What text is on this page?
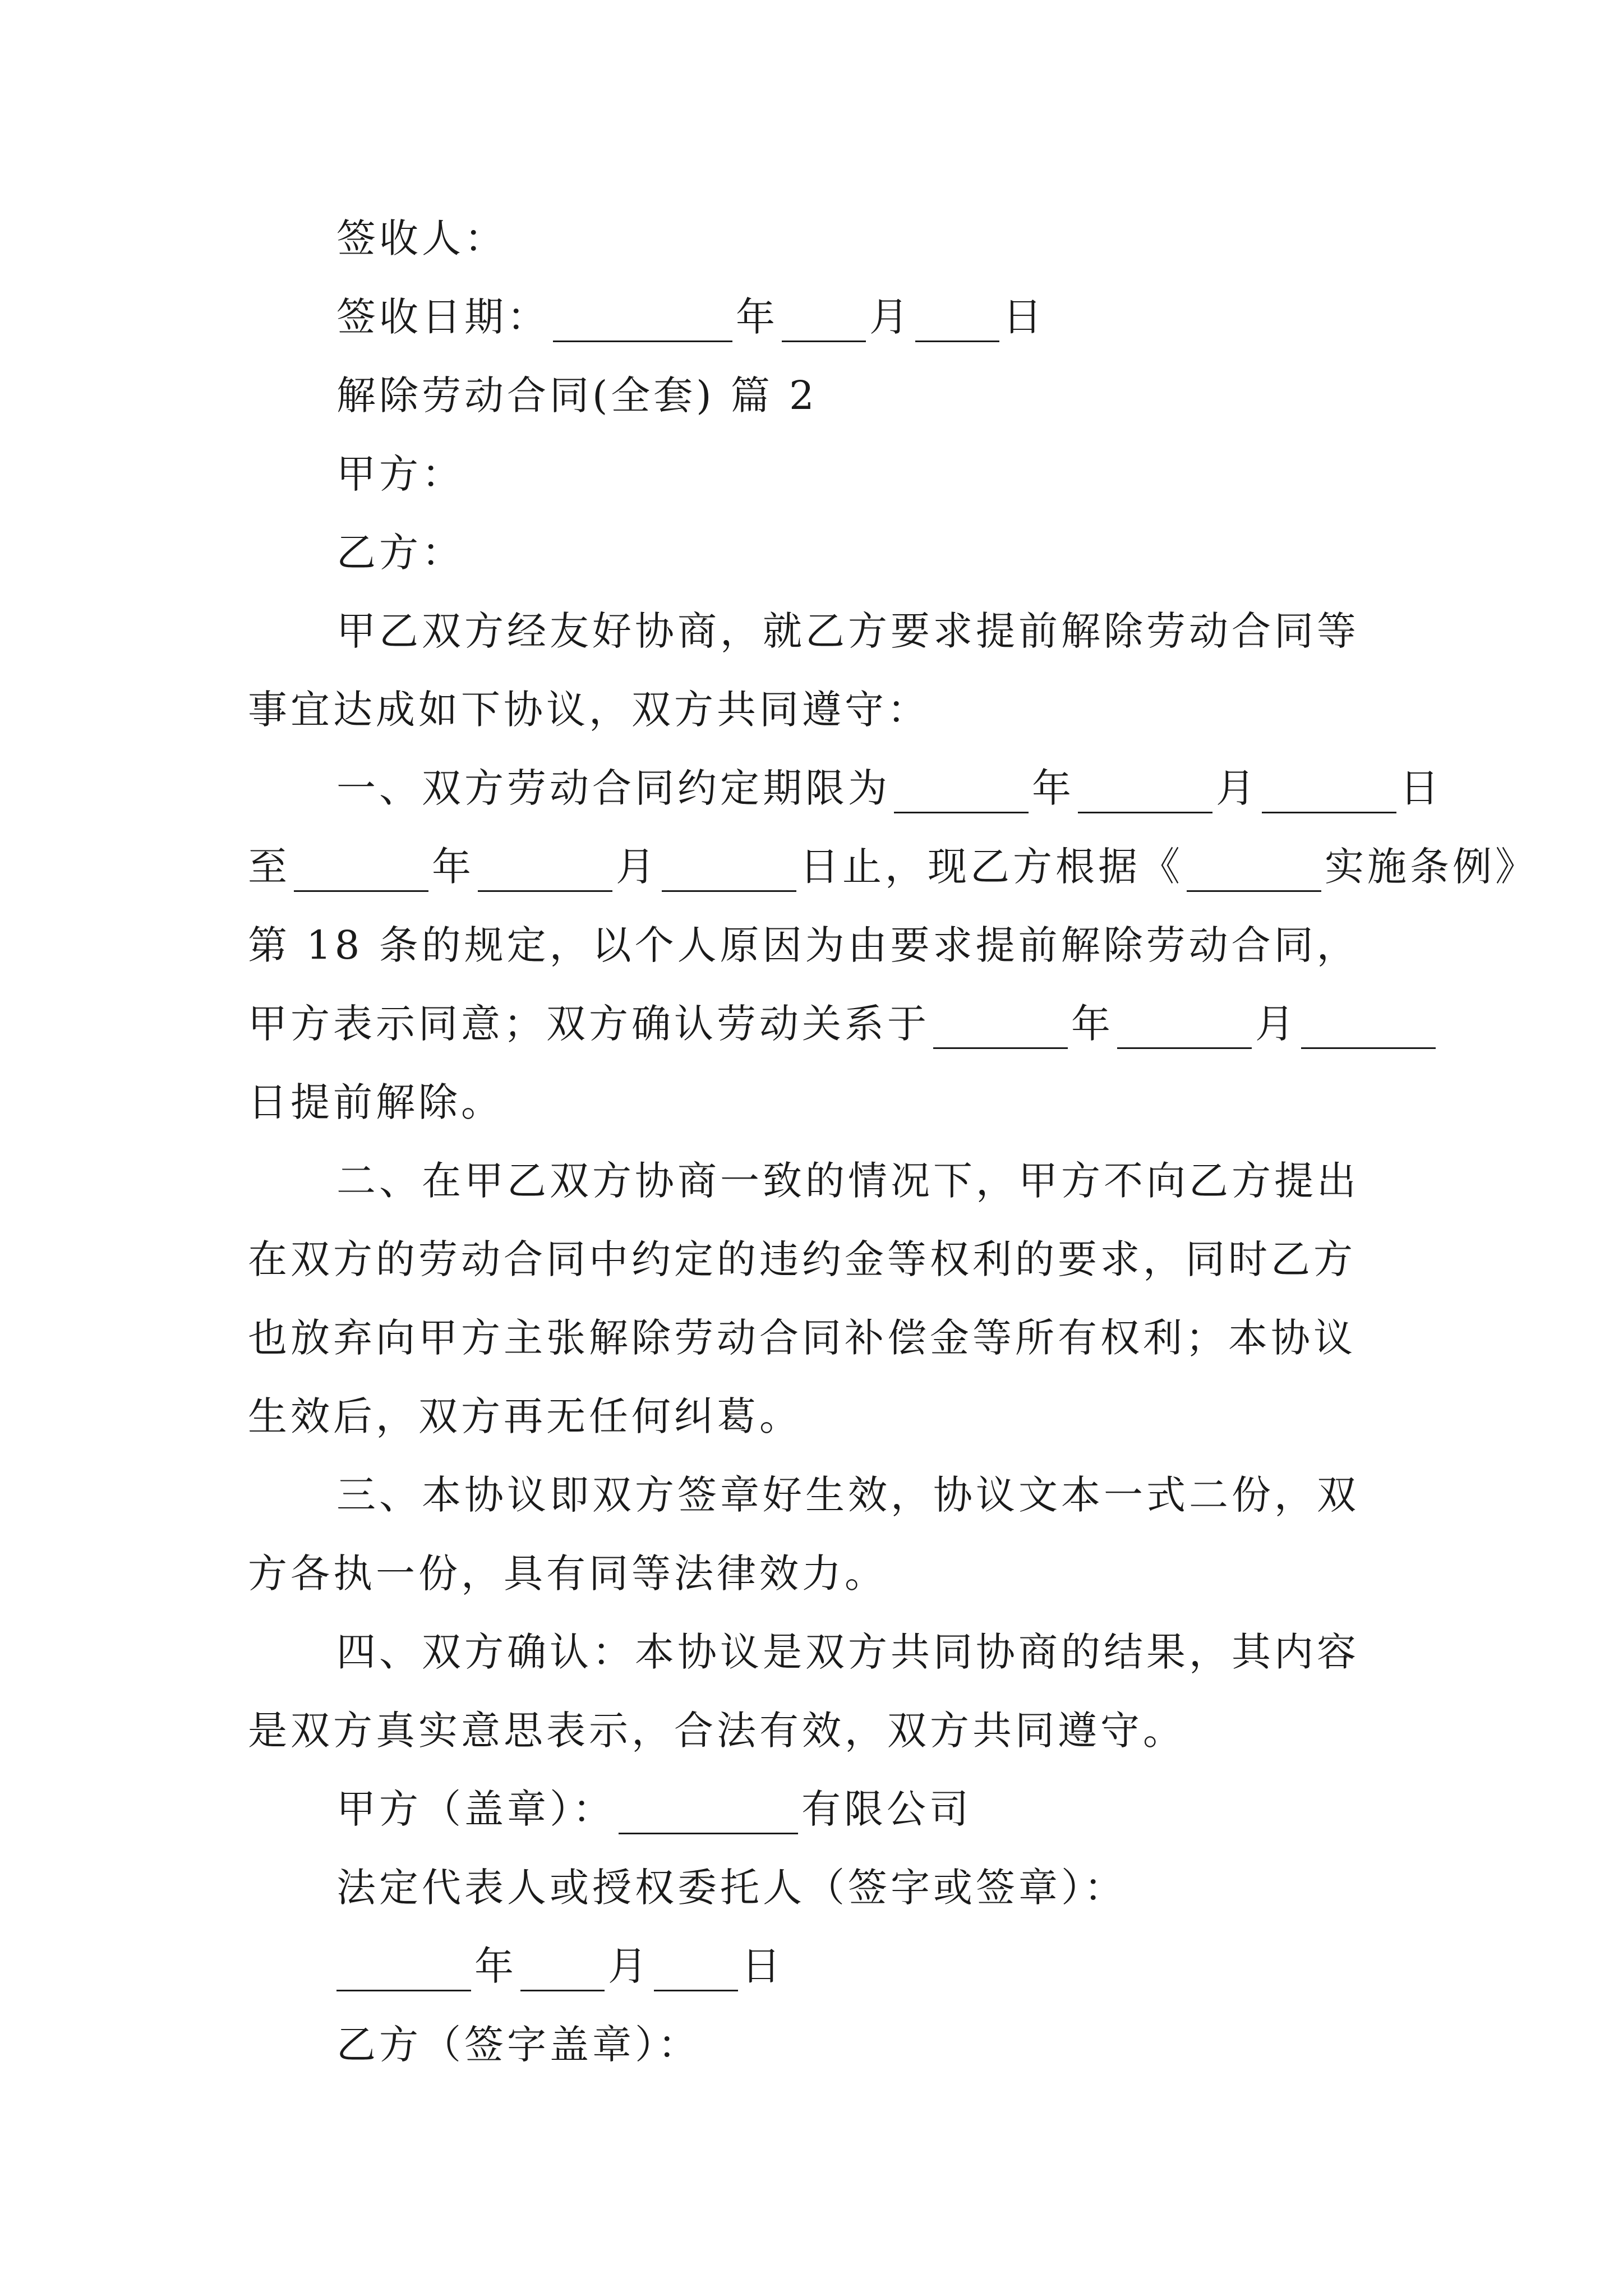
签收人：
签收日期：	年 月 日
解除劳动合同(全套) 篇 2
甲方：
乙方：
甲乙双方经友好协商，就乙方要求提前解除劳动合同等
事宜达成如下协议，双方共同遵守：
一、双方劳动合同约定期限为	年	月	日
至	年	月	日止，现乙方根据《	实施条例》
第 18 条的规定，以个人原因为由要求提前解除劳动合同，
甲方表示同意；双方确认劳动关系于	年	月
日提前解除。
二、在甲乙双方协商一致的情况下，甲方不向乙方提出
在双方的劳动合同中约定的违约金等权利的要求，同时乙方
也放弃向甲方主张解除劳动合同补偿金等所有权利；本协议
生效后，双方再无任何纠葛。
三、本协议即双方签章好生效，协议文本一式二份，双
方各执一份，具有同等法律效力。
四、双方确认：本协议是双方共同协商的结果，其内容
是双方真实意思表示，合法有效，双方共同遵守。
甲方（盖章）：	有限公司
法定代表人或授权委托人（签字或签章）：
年 月 日
乙方（签字盖章）：
